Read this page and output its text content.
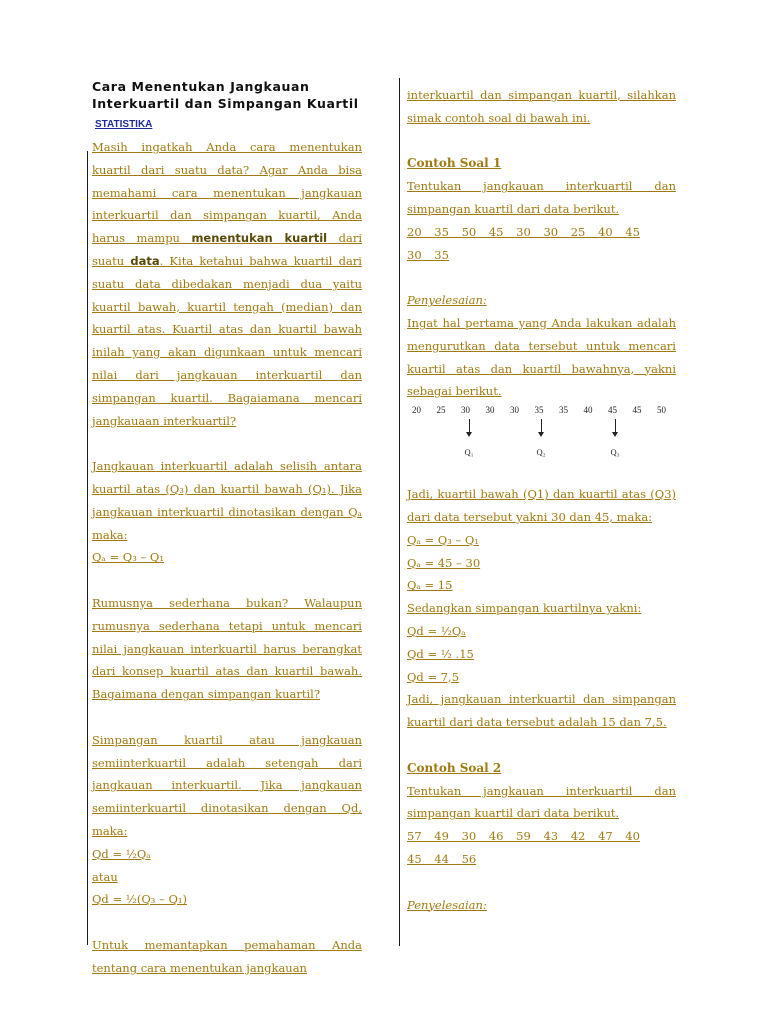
Cara Menentukan Jangkauan Interkuartil dan Simpangan Kuartil
STATISTIKA

Masih ingatkah Anda cara menentukan kuartil dari suatu data? Agar Anda bisa memahami cara menentukan jangkauan interkuartil dan simpangan kuartil, Anda harus mampu menentukan kuartil dari suatu data. Kita ketahui bahwa kuartil dari suatu data dibedakan menjadi dua yaitu kuartil bawah, kuartil tengah (median) dan kuartil atas. Kuartil atas dan kuartil bawah inilah yang akan digunkaan untuk mencari nilai dari jangkauan interkuartil dan simpangan kuartil. Bagaiamana mencari jangkauaan interkuartil?

Jangkauan interkuartil adalah selisih antara kuartil atas (Q₃) dan kuartil bawah (Q₁). Jika jangkauan interkuartil dinotasikan dengan Qₐ maka:

Qₐ = Q₃ – Q₁

Rumusnya sederhana bukan? Walaupun rumusnya sederhana tetapi untuk mencari nilai jangkauan interkuartil harus berangkat dari konsep kuartil atas dan kuartil bawah. Bagaimana dengan simpangan kuartil?

Simpangan kuartil atau jangkauan semiinterkuartil adalah setengah dari jangkauan interkuartil. Jika jangkauan semiinterkuartil dinotasikan dengan Qd, maka:

Qd = ½Qₐ

atau

Qd = ½(Q₃ – Q₁)

Untuk memantapkan pemahaman Anda tentang cara menentukan jangkauan

interkuartil dan simpangan kuartil, silahkan simak contoh soal di bawah ini.

Contoh Soal 1

Tentukan jangkauan interkuartil dan simpangan kuartil dari data berikut.

20 35 50 45 30 30 25 40 45

30 35

Penyelesaian:

Ingat hal pertama yang Anda lakukan adalah mengurutkan data tersebut untuk mencari kuartil atas dan kuartil bawahnya, yakni sebagai berikut.

20 25 30 30 30 35 35 40 45 45 50
Q₁	Q₂	Q₃

Jadi, kuartil bawah (Q1) dan kuartil atas (Q3) dari data tersebut yakni 30 dan 45, maka:

Qₐ = Q₃ – Q₁

Qₐ = 45 – 30

Qₐ = 15

Sedangkan simpangan kuartilnya yakni:

Qd = ½Qₐ

Qd = ½ .15

Qd = 7,5

Jadi, jangkauan interkuartil dan simpangan kuartil dari data tersebut adalah 15 dan 7,5.

Contoh Soal 2

Tentukan jangkauan interkuartil dan simpangan kuartil dari data berikut.

57 49 30 46 59 43 42 47 40

45 44 56

Penyelesaian:
